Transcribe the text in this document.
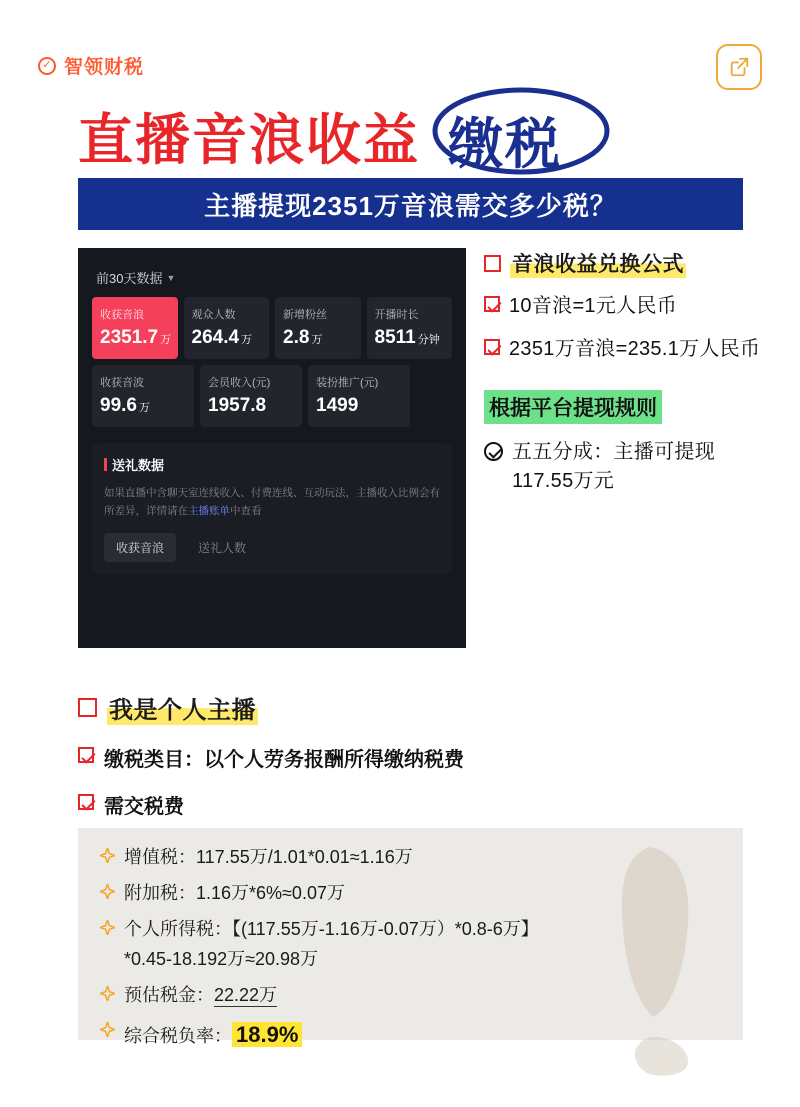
✓ 智领财税
直播音浪收益 缴税
主播提现2351万音浪需交多少税？
前30天数据 ▼
收获音浪
2351.7 万
观众人数
264.4 万
新增粉丝
2.8 万
开播时长
8511 分钟
收获音波
99.6 万
会员收入(元)
1957.8
装扮推广(元)
1499
送礼数据
如果直播中含聊天室连线收入、付费连线、互动玩法，主播收入比例会有所差异，详情请在主播账单中查看
收获音浪	送礼人数
音浪收益兑换公式
10音浪=1元人民币
2351万音浪=235.1万人民币
根据平台提现规则
五五分成：主播可提现117.55万元
我是个人主播
缴税类目：以个人劳务报酬所得缴纳税费
需交税费
增值税：117.55万/1.01*0.01≈1.16万
附加税：1.16万*6%≈0.07万
个人所得税：【(117.55万-1.16万-0.07万）*0.8-6万】
*0.45-18.192万≈20.98万
预估税金：22.22万
综合税负率： 18.9%
